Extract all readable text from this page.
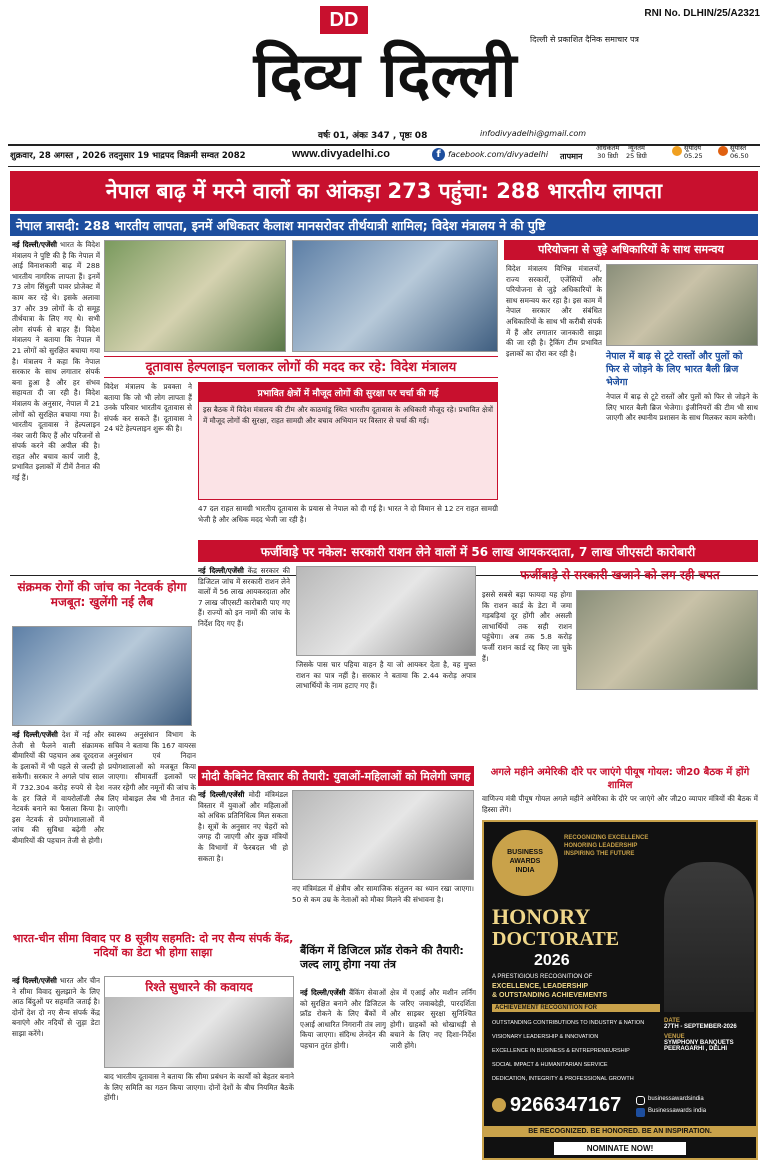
DD	RNI No. DLHIN/25/A2321
दिल्ली से प्रकाशित दैनिक समाचार पत्र
दिव्य दिल्ली
वर्षः 01, अंकः 347 , पृष्ठः 08	infodivyadelhi@gmail.com
शुक्रवार, 28 अगस्त , 2026 तदनुसार 19 भाद्रपद विक्रमी सम्वत 2082	www.divyadelhi.co	f facebook.com/divyadelhi तापमान
अधिकतम
30 डिग्री
न्यूनतम
25 डिग्री
सूर्योदय
05.25
सूर्यास्त
06.50
नेपाल बाढ़ में मरने वालों का आंकड़ा 273 पहुंचा: 288 भारतीय लापता
नेपाल त्रासदी: 288 भारतीय लापता, इनमें अधिकतर कैलाश मानसरोवर तीर्थयात्री शामिल; विदेश मंत्रालय ने की पुष्टि
नई दिल्ली/एजेंसी भारत के विदेश मंत्रालय ने पुष्टि की है कि नेपाल में आई विनाशकारी बाढ़ में 288 भारतीय नागरिक लापता हैं। इनमें 73 लोग सिंधुली पावर प्रोजेक्ट में काम कर रहे थे। इसके अलावा 37 और 39 लोगों के दो समूह तीर्थयात्रा के लिए गए थे। सभी लोग संपर्क से बाहर हैं। विदेश मंत्रालय ने बताया कि नेपाल में 21 लोगों को सुरक्षित बचाया गया है। मंत्रालय ने कहा कि नेपाल सरकार के साथ लगातार संपर्क बना हुआ है और हर संभव सहायता दी जा रही है। विदेश मंत्रालय के अनुसार, नेपाल में 21 लोगों को सुरक्षित बचाया गया है। भारतीय दूतावास ने हेल्पलाइन नंबर जारी किए हैं और परिजनों से संपर्क करने की अपील की है। राहत और बचाव कार्य जारी है, प्रभावित इलाकों में टीमें तैनात की गई हैं।
दूतावास हेल्पलाइन चलाकर लोगों की मदद कर रहे: विदेश मंत्रालय
विदेश मंत्रालय के प्रवक्ता ने बताया कि जो भी लोग लापता हैं उनके परिवार भारतीय दूतावास से संपर्क कर सकते हैं। दूतावास ने 24 घंटे हेल्पलाइन शुरू की है।
प्रभावित क्षेत्रों में मौजूद लोगों की सुरक्षा पर चर्चा की गई
इस बैठक में विदेश मंत्रालय की टीम और काठमांडू स्थित भारतीय दूतावास के अधिकारी मौजूद रहे। प्रभावित क्षेत्रों में मौजूद लोगों की सुरक्षा, राहत सामग्री और बचाव अभियान पर विस्तार से चर्चा की गई।
47 दल राहत सामग्री भारतीय दूतावास के प्रयास से नेपाल को दी गई है। भारत ने दो विमान से 12 टन राहत सामग्री भेजी है और अधिक मदद भेजी जा रही है।
परियोजना से जुड़े अधिकारियों के साथ समन्वय
विदेश मंत्रालय विभिन्न मंत्रालयों, राज्य सरकारों, एजेंसियों और परियोजना से जुड़े अधिकारियों के साथ समन्वय कर रहा है। इस काम में नेपाल सरकार और संबंधित अधिकारियों के साथ भी करीबी संपर्क में हैं और लगातार जानकारी साझा की जा रही है। ट्रैकिंग टीम प्रभावित इलाकों का दौरा कर रही है।	नेपाल में बाढ़ से टूटे रास्तों और पुलों को फिर से जोड़ने के लिए भारत बैली ब्रिज भेजेगा
नेपाल में बाढ़ से टूटे रास्तों और पुलों को फिर से जोड़ने के लिए भारत बैली ब्रिज भेजेगा। इंजीनियरों की टीम भी साथ जाएगी और स्थानीय प्रशासन के साथ मिलकर काम करेगी।
संक्रमक रोगों की जांच का नेटवर्क होगा मजबूत: खुलेंगी नई लैब
नई दिल्ली/एजेंसी देश में नई और तेजी से फैलने वाली संक्रामक बीमारियों की पहचान अब दूरदराज के इलाकों में भी पहले से जल्दी हो सकेगी। सरकार ने अगले पांच साल में 732.304 करोड़ रुपये से देश के हर जिले में वायरोलॉजी लैब नेटवर्क बनाने का फैसला किया है। इस नेटवर्क से प्रयोगशालाओं में जांच की सुविधा बढ़ेगी और बीमारियों की पहचान तेजी से होगी।
स्वास्थ्य अनुसंधान विभाग के सचिव ने बताया कि 167 वायरस अनुसंधान एवं निदान प्रयोगशालाओं को मजबूत किया जाएगा। सीमावर्ती इलाकों पर नजर रहेगी और नमूनों की जांच के लिए मोबाइल लैब भी तैनात की जाएंगी।
फर्जीवाड़े पर नकेल: सरकारी राशन लेने वालों में 56 लाख आयकरदाता, 7 लाख जीएसटी कारोबारी
नई दिल्ली/एजेंसी केंद्र सरकार की डिजिटल जांच में सरकारी राशन लेने वालों में 56 लाख आयकरदाता और 7 लाख जीएसटी कारोबारी पाए गए हैं। राज्यों को इन नामों की जांच के निर्देश दिए गए हैं।
जिसके पास चार पहिया वाहन है या जो आयकर देता है, वह मुफ्त राशन का पात्र नहीं है। सरकार ने बताया कि 2.44 करोड़ अपात्र लाभार्थियों के नाम हटाए गए हैं।
फर्जीवाड़े से सरकारी खजाने को लग रही चपत
इससे सबसे बड़ा फायदा यह होगा कि राशन कार्ड के डेटा में जमा गड़बड़ियां दूर होंगी और असली लाभार्थियों तक सही राशन पहुंचेगा। अब तक 5.8 करोड़ फर्जी राशन कार्ड रद्द किए जा चुके हैं।
मोदी कैबिनेट विस्तार की तैयारी: युवाओं-महिलाओं को मिलेगी जगह
नई दिल्ली/एजेंसी मोदी मंत्रिमंडल विस्तार में युवाओं और महिलाओं को अधिक प्रतिनिधित्व मिल सकता है। सूत्रों के अनुसार नए चेहरों को जगह दी जाएगी और कुछ मंत्रियों के विभागों में फेरबदल भी हो सकता है।
नए मंत्रिमंडल में क्षेत्रीय और सामाजिक संतुलन का ध्यान रखा जाएगा। 50 से कम उम्र के नेताओं को मौका मिलने की संभावना है।
अगले महीने अमेरिकी दौरे पर जाएंगे पीयूष गोयल: जी20 बैठक में होंगे शामिल
वाणिज्य मंत्री पीयूष गोयल अगले महीने अमेरिका के दौरे पर जाएंगे और जी20 व्यापार मंत्रियों की बैठक में हिस्सा लेंगे।
भारत-चीन सीमा विवाद पर 8 सूत्रीय सहमति: दो नए सैन्य संपर्क केंद्र, नदियों का डेटा भी होगा साझा
नई दिल्ली/एजेंसी भारत और चीन ने सीमा विवाद सुलझाने के लिए आठ बिंदुओं पर सहमति जताई है। दोनों देश दो नए सैन्य संपर्क केंद्र बनाएंगे और नदियों से जुड़ा डेटा साझा करेंगे।
रिश्ते सुधारने की कवायद
बाद भारतीय दूतावास ने बताया कि सीमा प्रबंधन के कार्यों को बेहतर बनाने के लिए समिति का गठन किया जाएगा। दोनों देशों के बीच नियमित बैठकें होंगी।
बैंकिंग में डिजिटल फ्रॉड रोकने की तैयारी: जल्द लागू होगा नया तंत्र
नई दिल्ली/एजेंसी बैंकिंग सेवाओं को सुरक्षित बनाने और डिजिटल फ्रॉड रोकने के लिए बैंकों में एआई आधारित निगरानी तंत्र लागू किया जाएगा। संदिग्ध लेनदेन की पहचान तुरंत होगी।
क्षेत्र में एआई और मशीन लर्निंग के जरिए जवाबदेही, पारदर्शिता और साइबर सुरक्षा सुनिश्चित होगी। ग्राहकों को धोखाधड़ी से बचाने के लिए नए दिशा-निर्देश जारी होंगे।
BUSINESS
AWARDS
INDIA
RECOGNIZING EXCELLENCE
HONORING LEADERSHIP
INSPIRING THE FUTURE
HONORY
DOCTORATE
2026
A PRESTIGIOUS RECOGNITION OF
EXCELLENCE, LEADERSHIP
& OUTSTANDING ACHIEVEMENTS
ACHIEVEMENT RECOGNITION FOR
OUTSTANDING CONTRIBUTIONS TO INDUSTRY & NATION
VISIONARY LEADERSHIP & INNOVATION
EXCELLENCE IN BUSINESS & ENTREPRENEURSHIP
SOCIAL IMPACT & HUMANITARIAN SERVICE
DEDICATION, INTEGRITY & PROFESSIONAL GROWTH
DATE
27TH - SEPTEMBER-2026
VENUE
SYMPHONY BANQUETS
PEERAGARHI , DELHI
9266347167	businessawardsindia
Businessawards india
BE RECOGNIZED. BE HONORED. BE AN INSPIRATION.
NOMINATE NOW!
